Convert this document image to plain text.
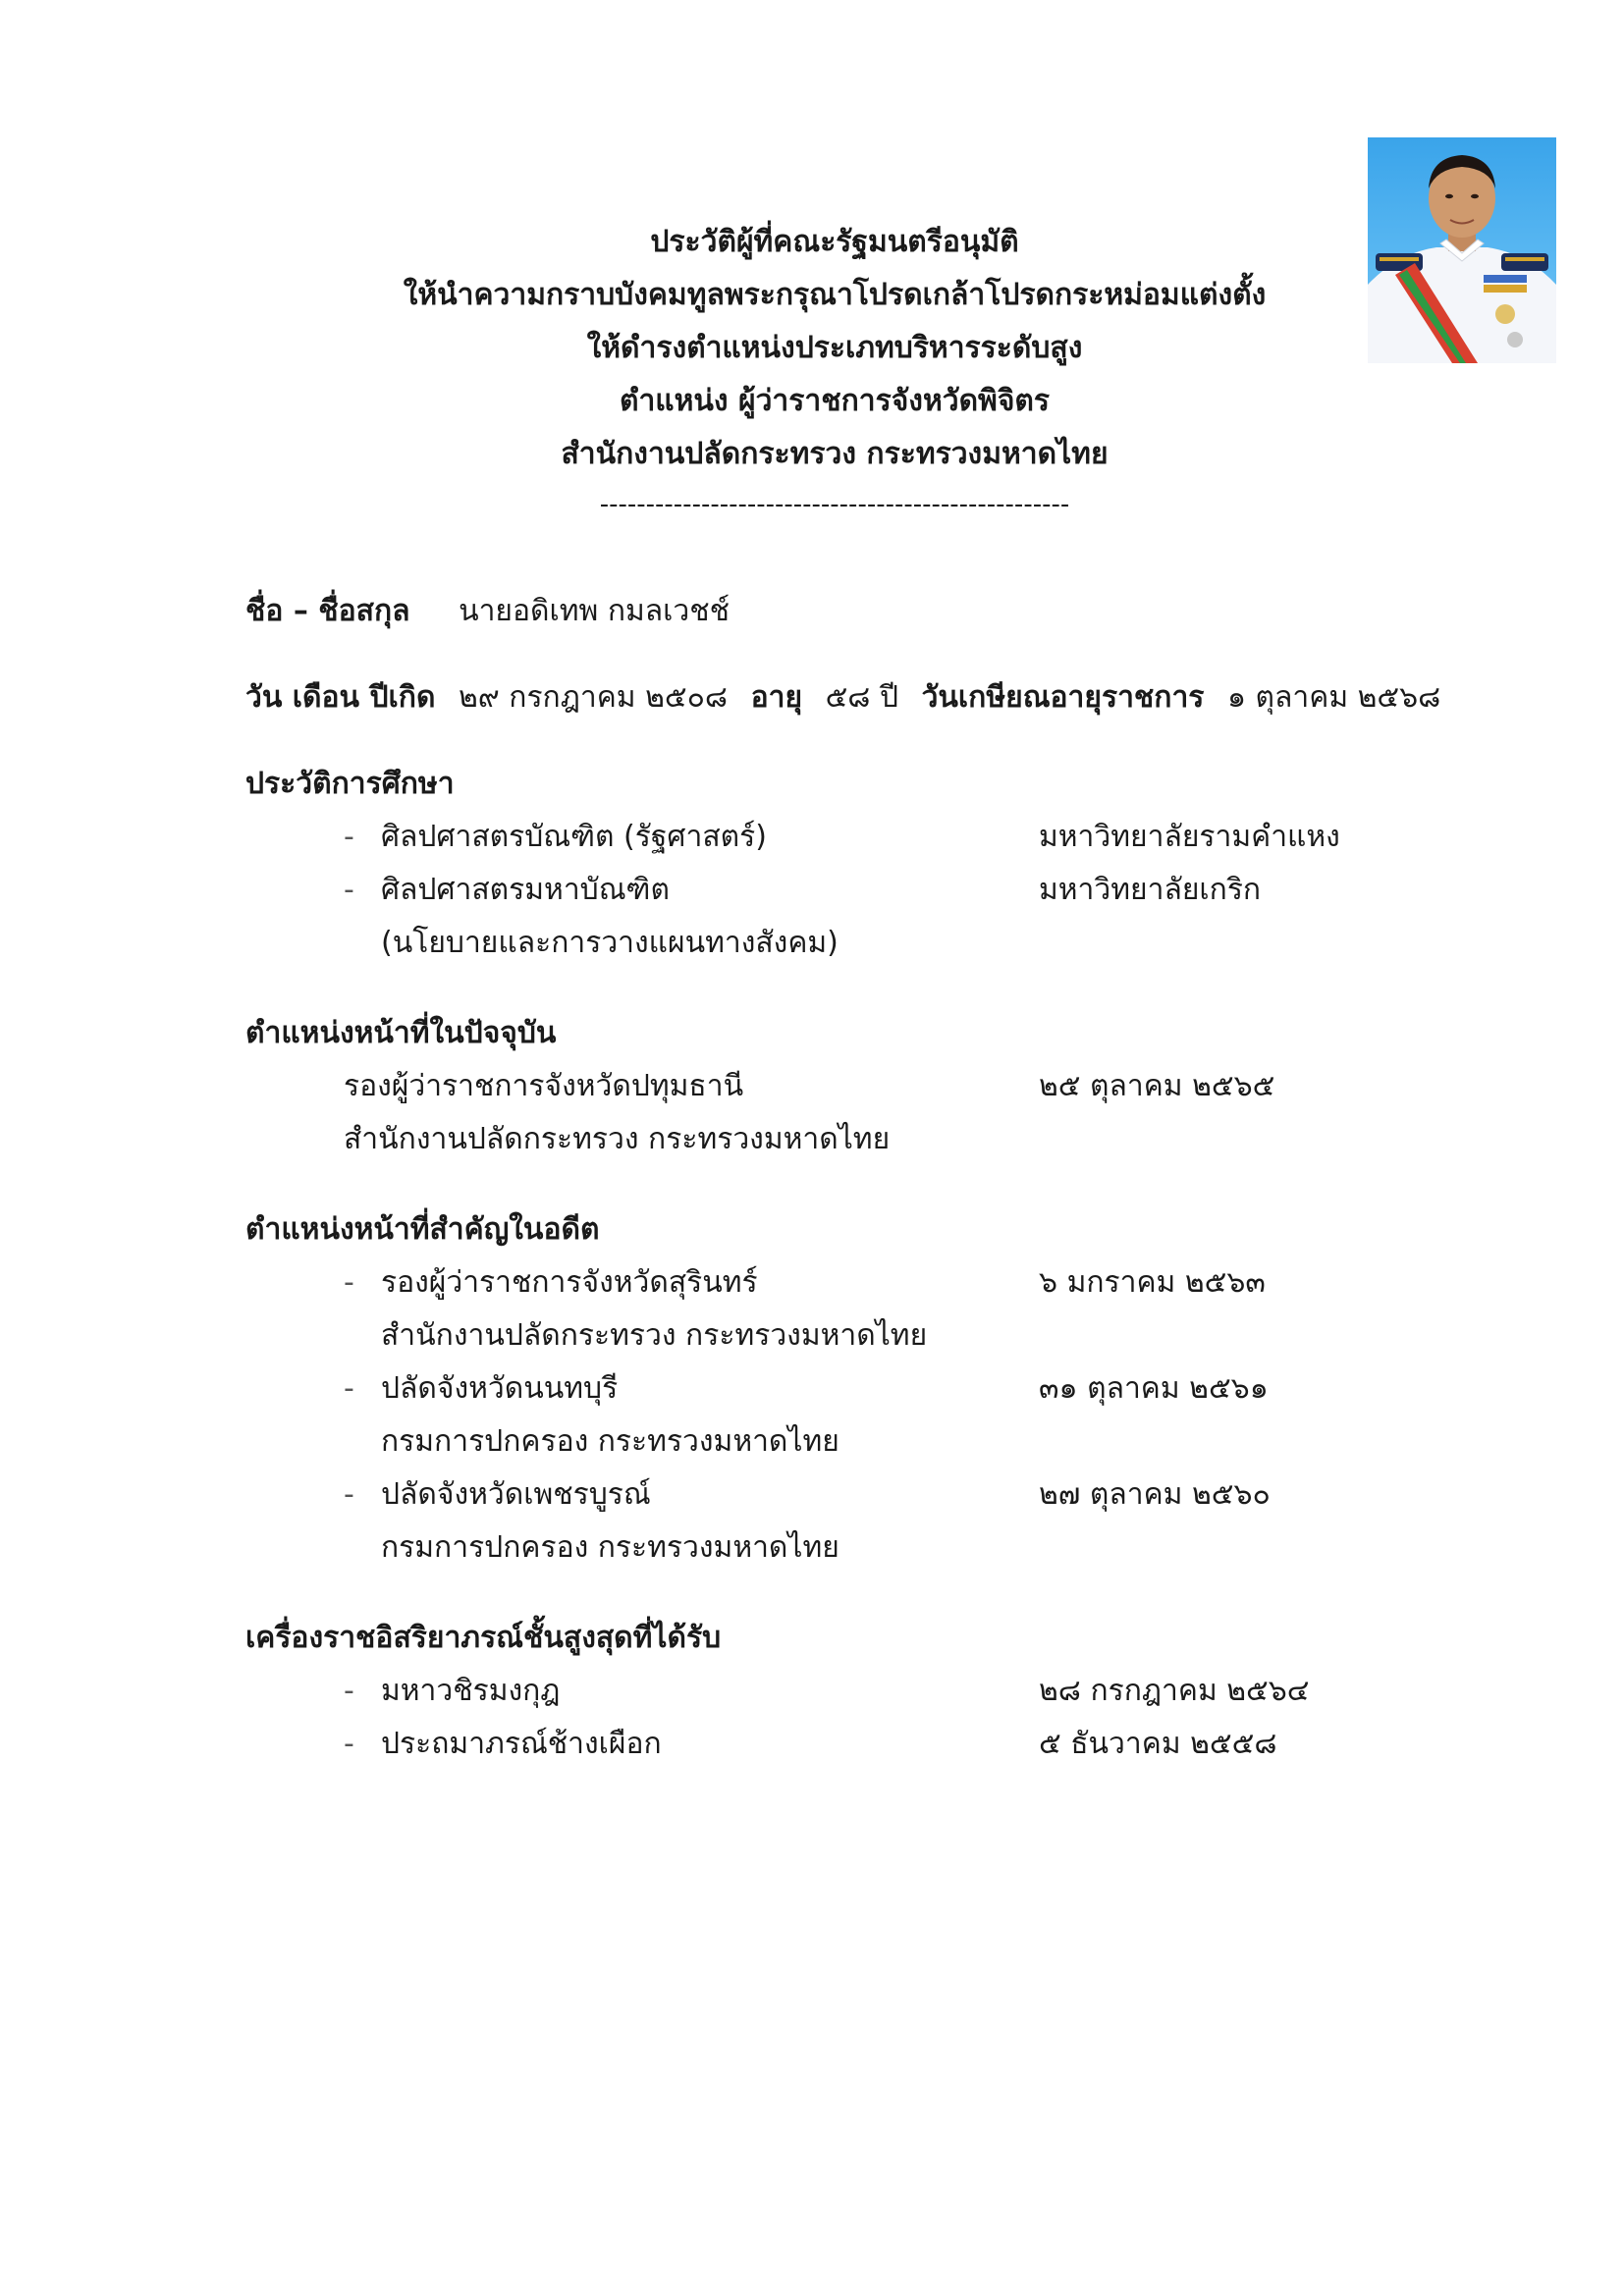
ประวัติผู้ที่คณะรัฐมนตรีอนุมัติ
ให้นำความกราบบังคมทูลพระกรุณาโปรดเกล้าโปรดกระหม่อมแต่งตั้ง
ให้ดำรงตำแหน่งประเภทบริหารระดับสูง
ตำแหน่ง ผู้ว่าราชการจังหวัดพิจิตร
สำนักงานปลัดกระทรวง กระทรวงมหาดไทย
---------------------------------------------------
ชื่อ – ชื่อสกุล นายอดิเทพ กมลเวชช์
วัน เดือน ปีเกิด ๒๙ กรกฎาคม ๒๕๐๘ อายุ ๕๘ ปี วันเกษียณอายุราชการ ๑ ตุลาคม ๒๕๖๘
ประวัติการศึกษา
- ศิลปศาสตรบัณฑิต (รัฐศาสตร์)	มหาวิทยาลัยรามคำแหง
- ศิลปศาสตรมหาบัณฑิต	มหาวิทยาลัยเกริก
(นโยบายและการวางแผนทางสังคม)
ตำแหน่งหน้าที่ในปัจจุบัน
รองผู้ว่าราชการจังหวัดปทุมธานี	๒๕ ตุลาคม ๒๕๖๕
สำนักงานปลัดกระทรวง กระทรวงมหาดไทย
ตำแหน่งหน้าที่สำคัญในอดีต
- รองผู้ว่าราชการจังหวัดสุรินทร์	๖ มกราคม ๒๕๖๓
สำนักงานปลัดกระทรวง กระทรวงมหาดไทย
- ปลัดจังหวัดนนทบุรี	๓๑ ตุลาคม ๒๕๖๑
กรมการปกครอง กระทรวงมหาดไทย
- ปลัดจังหวัดเพชรบูรณ์	๒๗ ตุลาคม ๒๕๖๐
กรมการปกครอง กระทรวงมหาดไทย
เครื่องราชอิสริยาภรณ์ชั้นสูงสุดที่ได้รับ
- มหาวชิรมงกุฎ	๒๘ กรกฎาคม ๒๕๖๔
- ประถมาภรณ์ช้างเผือก	๕ ธันวาคม ๒๕๕๘
